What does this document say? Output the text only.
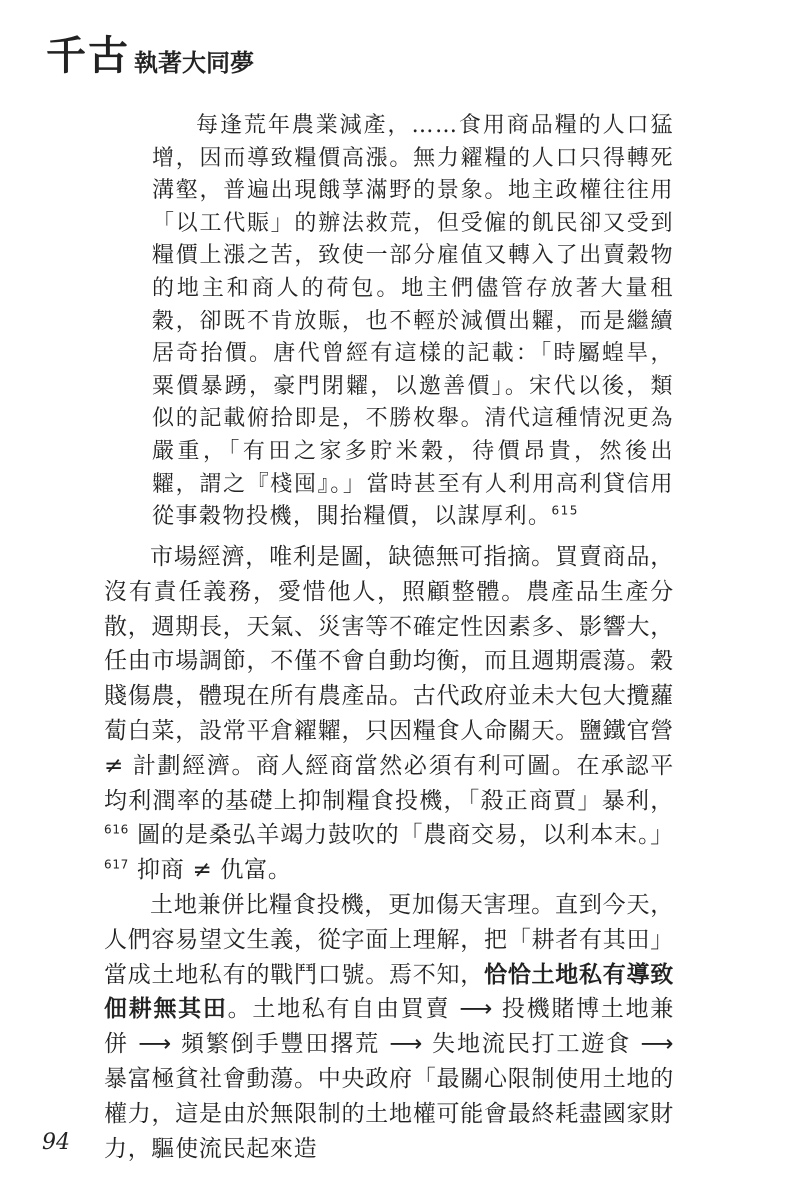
千古 執著大同夢

每逢荒年農業減產，……食用商品糧的人口猛增，因而導致糧價高漲。無力糴糧的人口只得轉死溝壑，普遍出現餓莩滿野的景象。地主政權往往用「以工代賑」的辦法救荒，但受僱的飢民卻又受到糧價上漲之苦，致使一部分雇值又轉入了出賣穀物的地主和商人的荷包。地主們儘管存放著大量租穀，卻既不肯放賑，也不輕於減價出糶，而是繼續居奇抬價。唐代曾經有這樣的記載：「時屬蝗旱，粟價暴踴，豪門閉糶，以邀善價」。宋代以後，類似的記載俯拾即是，不勝枚舉。清代這種情況更為嚴重，「有田之家多貯米穀，待價昂貴，然後出糶，謂之『棧囤』。」當時甚至有人利用高利貸信用從事穀物投機，閧抬糧價，以謀厚利。$^{615}$

市場經濟，唯利是圖，缺德無可指摘。買賣商品，沒有責任義務，愛惜他人，照顧整體。農產品生產分散，週期長，天氣、災害等不確定性因素多、影響大，任由市場調節，不僅不會自動均衡，而且週期震蕩。穀賤傷農，體現在所有農產品。古代政府並未大包大攬蘿蔔白菜，設常平倉糴糶，只因糧食人命關天。鹽鐵官營 ≠ 計劃經濟。商人經商當然必須有利可圖。在承認平均利潤率的基礎上抑制糧食投機，「殺正商賈」暴利，$^{616}$ 圖的是桑弘羊竭力鼓吹的「農商交易，以利本末。」$^{617}$ 抑商 ≠ 仇富。

土地兼併比糧食投機，更加傷天害理。直到今天，人們容易望文生義，從字面上理解，把「耕者有其田」當成土地私有的戰鬥口號。焉不知，恰恰土地私有導致佃耕無其田。土地私有自由買賣 ⟶ 投機賭博土地兼併 ⟶ 頻繁倒手豐田撂荒 ⟶ 失地流民打工遊食 ⟶ 暴富極貧社會動蕩。中央政府「最關心限制使用土地的權力，這是由於無限制的土地權可能會最終耗盡國家財力，驅使流民起來造

94
